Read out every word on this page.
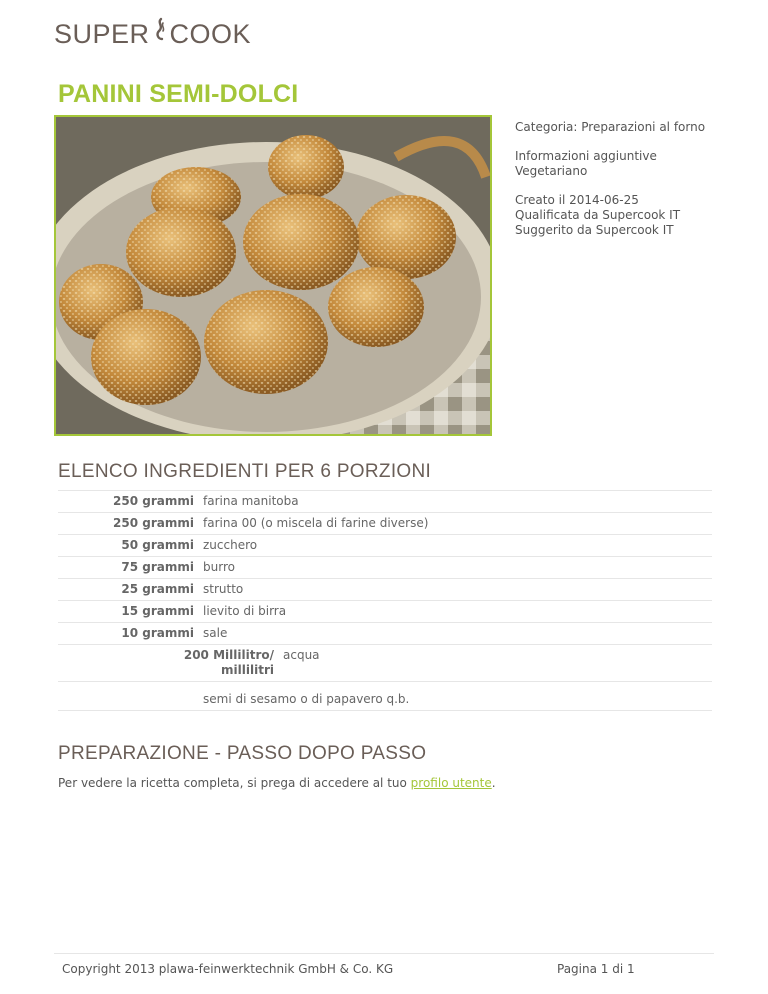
SUPER COOK
PANINI SEMI-DOLCI

Categoria: Preparazioni al forno

Informazioni aggiuntive
Vegetariano

Creato il 2014-06-25
Qualificata da Supercook IT
Suggerito da Supercook IT

ELENCO INGREDIENTI PER 6 PORZIONI
250 grammi farina manitoba
250 grammi farina 00 (o miscela di farine diverse)
50 grammi zucchero
75 grammi burro
25 grammi strutto
15 grammi lievito di birra
10 grammi sale
200 Millilitro/ millilitri
acqua
semi di sesamo o di papavero q.b.
PREPARAZIONE - PASSO DOPO PASSO
Per vedere la ricetta completa, si prega di accedere al tuo profilo utente.
Copyright 2013 plawa-feinwerktechnik GmbH & Co. KG	Pagina 1 di 1
